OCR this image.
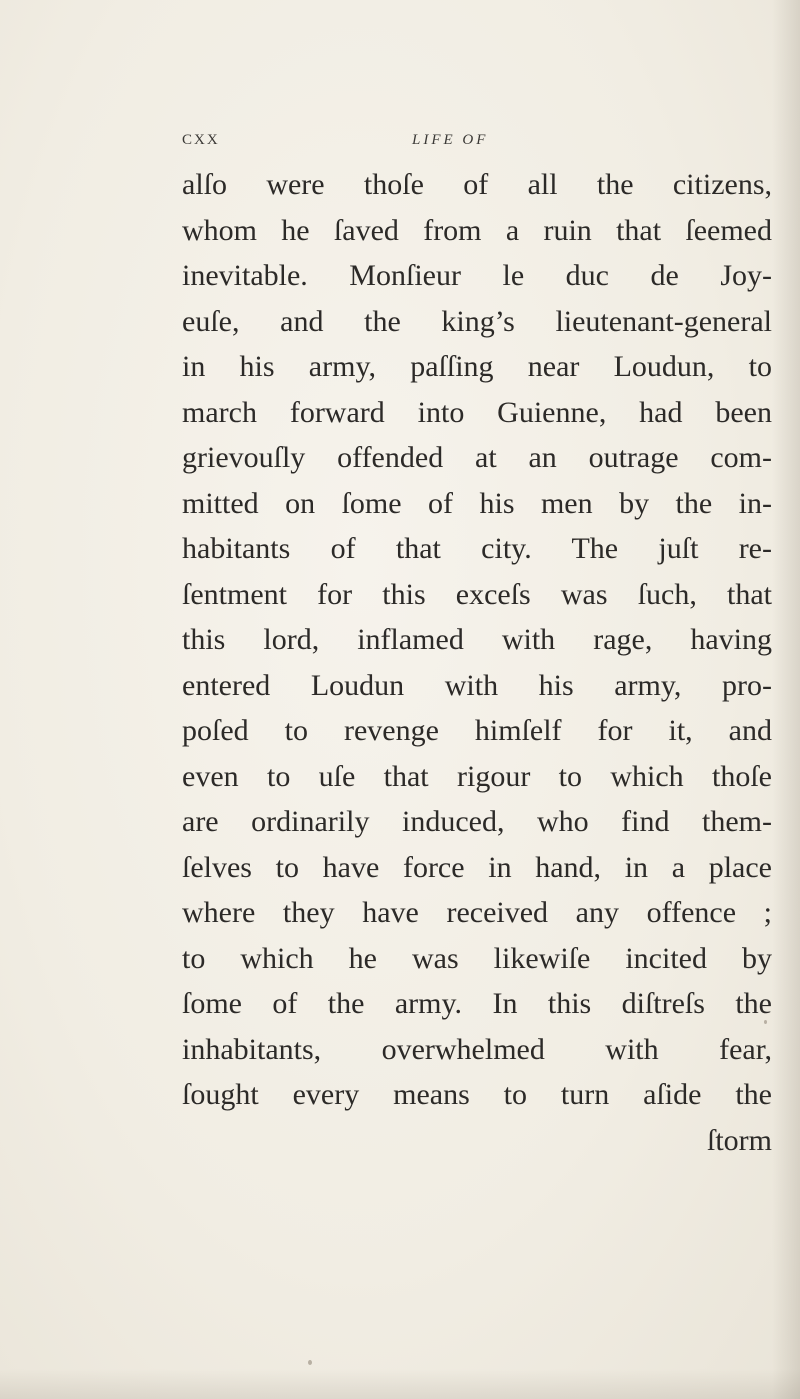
CXX	LIFE OF
alſo were thoſe of all the citizens,
whom he ſaved from a ruin that ſeemed
inevitable. Monſieur le duc de Joy-
euſe, and the king’s lieutenant-general
in his army, paſſing near Loudun, to
march forward into Guienne, had been
grievouſly offended at an outrage com-
mitted on ſome of his men by the in-
habitants of that city. The juſt re-
ſentment for this exceſs was ſuch, that
this lord, inflamed with rage, having
entered Loudun with his army, pro-
poſed to revenge himſelf for it, and
even to uſe that rigour to which thoſe
are ordinarily induced, who find them-
ſelves to have force in hand, in a place
where they have received any offence ;
to which he was likewiſe incited by
ſome of the army. In this diſtreſs the
inhabitants, overwhelmed with fear,
ſought every means to turn aſide the
ſtorm
